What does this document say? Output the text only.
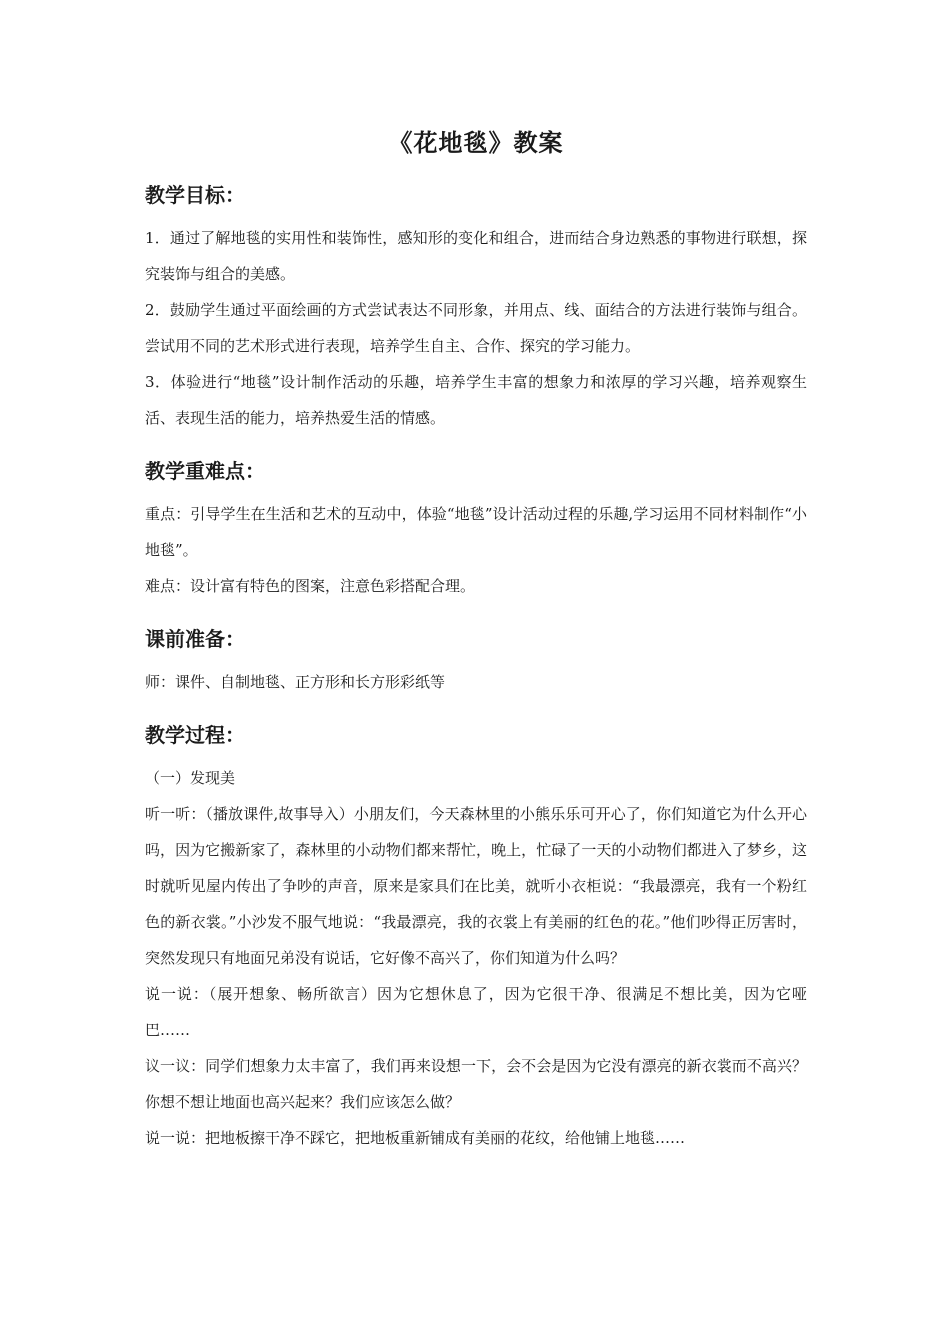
《花地毯》教案
教学目标：

1．通过了解地毯的实用性和装饰性，感知形的变化和组合，进而结合身边熟悉的事物进行联想，探究装饰与组合的美感。

2．鼓励学生通过平面绘画的方式尝试表达不同形象，并用点、线、面结合的方法进行装饰与组合。尝试用不同的艺术形式进行表现，培养学生自主、合作、探究的学习能力。

3．体验进行“地毯”设计制作活动的乐趣，培养学生丰富的想象力和浓厚的学习兴趣，培养观察生活、表现生活的能力，培养热爱生活的情感。

教学重难点：

重点：引导学生在生活和艺术的互动中，体验“地毯”设计活动过程的乐趣,学习运用不同材料制作“小地毯”。

难点：设计富有特色的图案，注意色彩搭配合理。

课前准备：

师：课件、自制地毯、正方形和长方形彩纸等

教学过程：

（一）发现美

听一听：（播放课件,故事导入）小朋友们，今天森林里的小熊乐乐可开心了，你们知道它为什么开心吗，因为它搬新家了，森林里的小动物们都来帮忙，晚上，忙碌了一天的小动物们都进入了梦乡，这时就听见屋内传出了争吵的声音，原来是家具们在比美，就听小衣柜说：“我最漂亮，我有一个粉红色的新衣裳。”小沙发不服气地说：“我最漂亮，我的衣裳上有美丽的红色的花。”他们吵得正厉害时，突然发现只有地面兄弟没有说话，它好像不高兴了，你们知道为什么吗？

说一说：（展开想象、畅所欲言）因为它想休息了，因为它很干净、很满足不想比美，因为它哑巴……

议一议：同学们想象力太丰富了，我们再来设想一下，会不会是因为它没有漂亮的新衣裳而不高兴？你想不想让地面也高兴起来？我们应该怎么做？

说一说：把地板擦干净不踩它，把地板重新铺成有美丽的花纹，给他铺上地毯……
